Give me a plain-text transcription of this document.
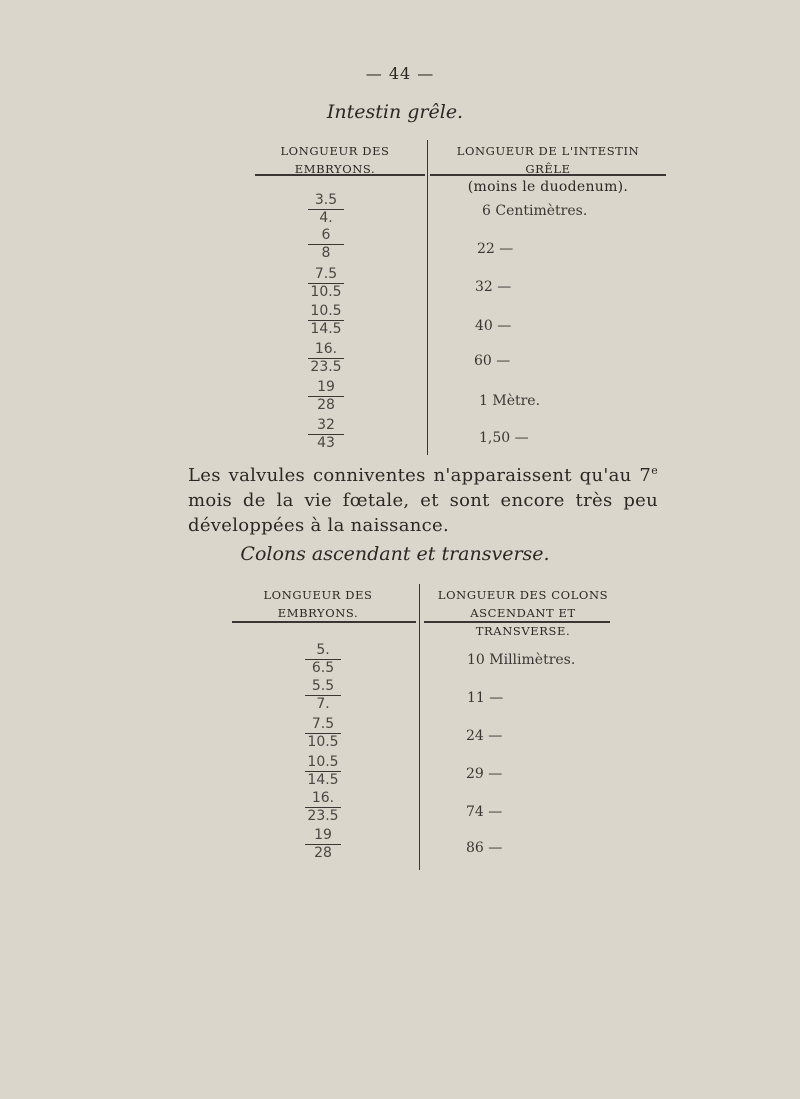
— 44 —
Intestin grêle.
LONGUEUR DES EMBRYONS.
LONGUEUR DE L'INTESTIN GRÊLE
(moins le duodenum).
3.5
4.	6 Centimètres.
6
8	22 —
7.5
10.5	32 —
10.5
14.5	40 —
16.
23.5	60 —
19
28	1 Mètre.
32
43	1,50 —
Les valvules conniventes n'apparaissent qu'au 7e mois de la vie fœtale, et sont encore très peu développées à la naissance.
Colons ascendant et transverse.
LONGUEUR DES EMBRYONS.
LONGUEUR DES COLONS
ASCENDANT ET TRANSVERSE.
5.
6.5	10 Millimètres.
5.5
7.	11 —
7.5
10.5	24 —
10.5
14.5	29 —
16.
23.5	74 —
19
28	86 —
